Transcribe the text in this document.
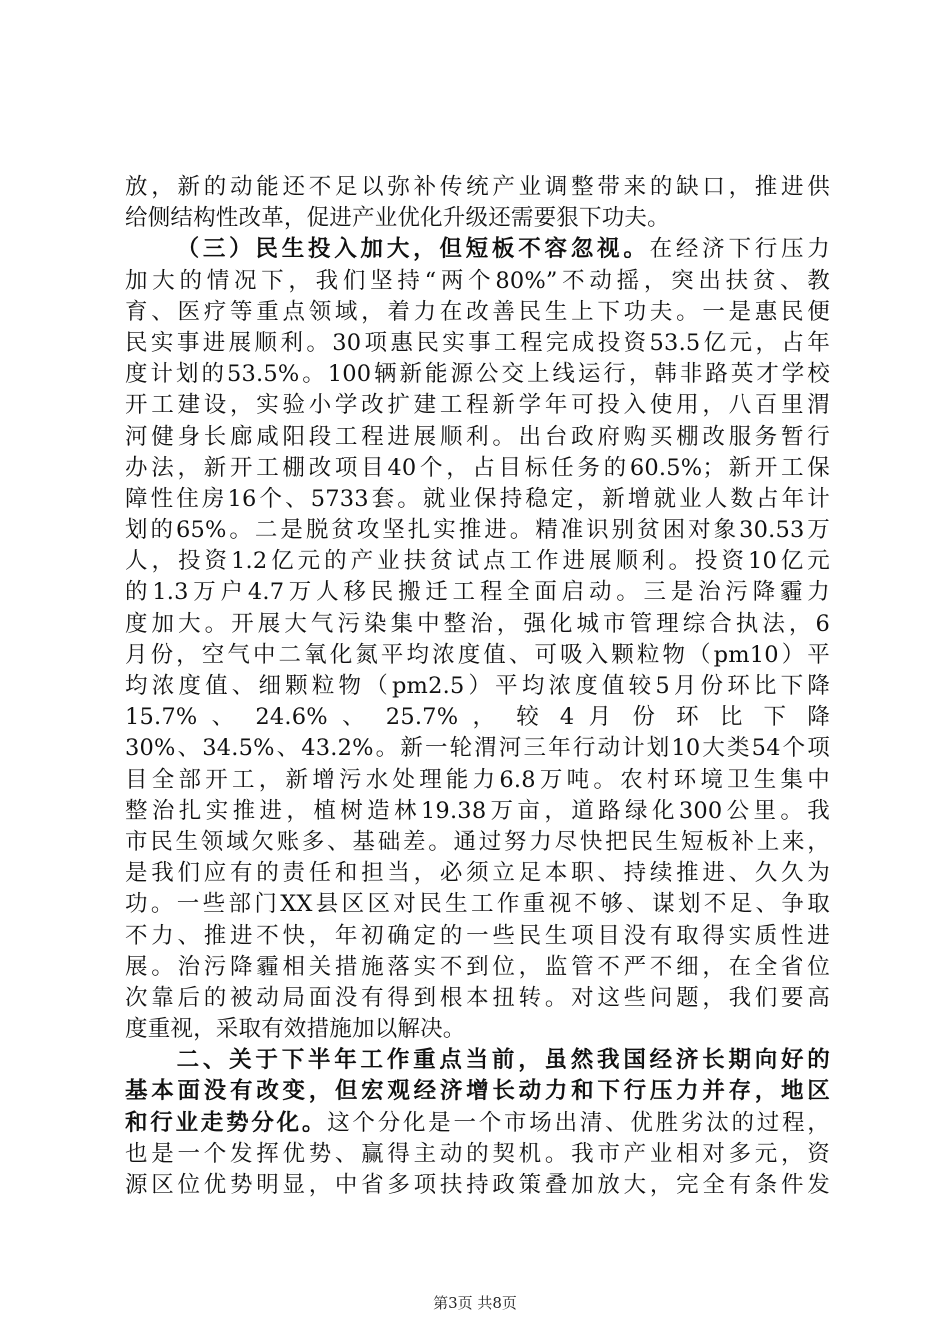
放，新的动能还不足以弥补传统产业调整带来的缺口，推进供
给侧结构性改革，促进产业优化升级还需要狠下功夫。
（三）民生投入加大，但短板不容忽视。在经济下行压力
加大的情况下，我们坚持“两个80%”不动摇，突出扶贫、教
育、医疗等重点领域，着力在改善民生上下功夫。一是惠民便
民实事进展顺利。30项惠民实事工程完成投资53.5亿元，占年
度计划的53.5%。100辆新能源公交上线运行，韩非路英才学校
开工建设，实验小学改扩建工程新学年可投入使用，八百里渭
河健身长廊咸阳段工程进展顺利。出台政府购买棚改服务暂行
办法，新开工棚改项目40个，占目标任务的60.5%；新开工保
障性住房16个、5733套。就业保持稳定，新增就业人数占年计
划的65%。二是脱贫攻坚扎实推进。精准识别贫困对象30.53万
人，投资1.2亿元的产业扶贫试点工作进展顺利。投资10亿元
的1.3万户4.7万人移民搬迁工程全面启动。三是治污降霾力
度加大。开展大气污染集中整治，强化城市管理综合执法，6
月份，空气中二氧化氮平均浓度值、可吸入颗粒物（pm10）平
均浓度值、细颗粒物（pm2.5）平均浓度值较5月份环比下降
15.7% 、 24.6% 、 25.7% ， 较 4 月 份 环 比 下 降
30%、34.5%、43.2%。新一轮渭河三年行动计划10大类54个项
目全部开工，新增污水处理能力6.8万吨。农村环境卫生集中
整治扎实推进，植树造林19.38万亩，道路绿化300公里。我
市民生领域欠账多、基础差。通过努力尽快把民生短板补上来，
是我们应有的责任和担当，必须立足本职、持续推进、久久为
功。一些部门XX县区区对民生工作重视不够、谋划不足、争取
不力、推进不快，年初确定的一些民生项目没有取得实质性进
展。治污降霾相关措施落实不到位，监管不严不细，在全省位
次靠后的被动局面没有得到根本扭转。对这些问题，我们要高
度重视，采取有效措施加以解决。
二、关于下半年工作重点当前，虽然我国经济长期向好的
基本面没有改变，但宏观经济增长动力和下行压力并存，地区
和行业走势分化。这个分化是一个市场出清、优胜劣汰的过程，
也是一个发挥优势、赢得主动的契机。我市产业相对多元，资
源区位优势明显，中省多项扶持政策叠加放大，完全有条件发
第3页 共8页
